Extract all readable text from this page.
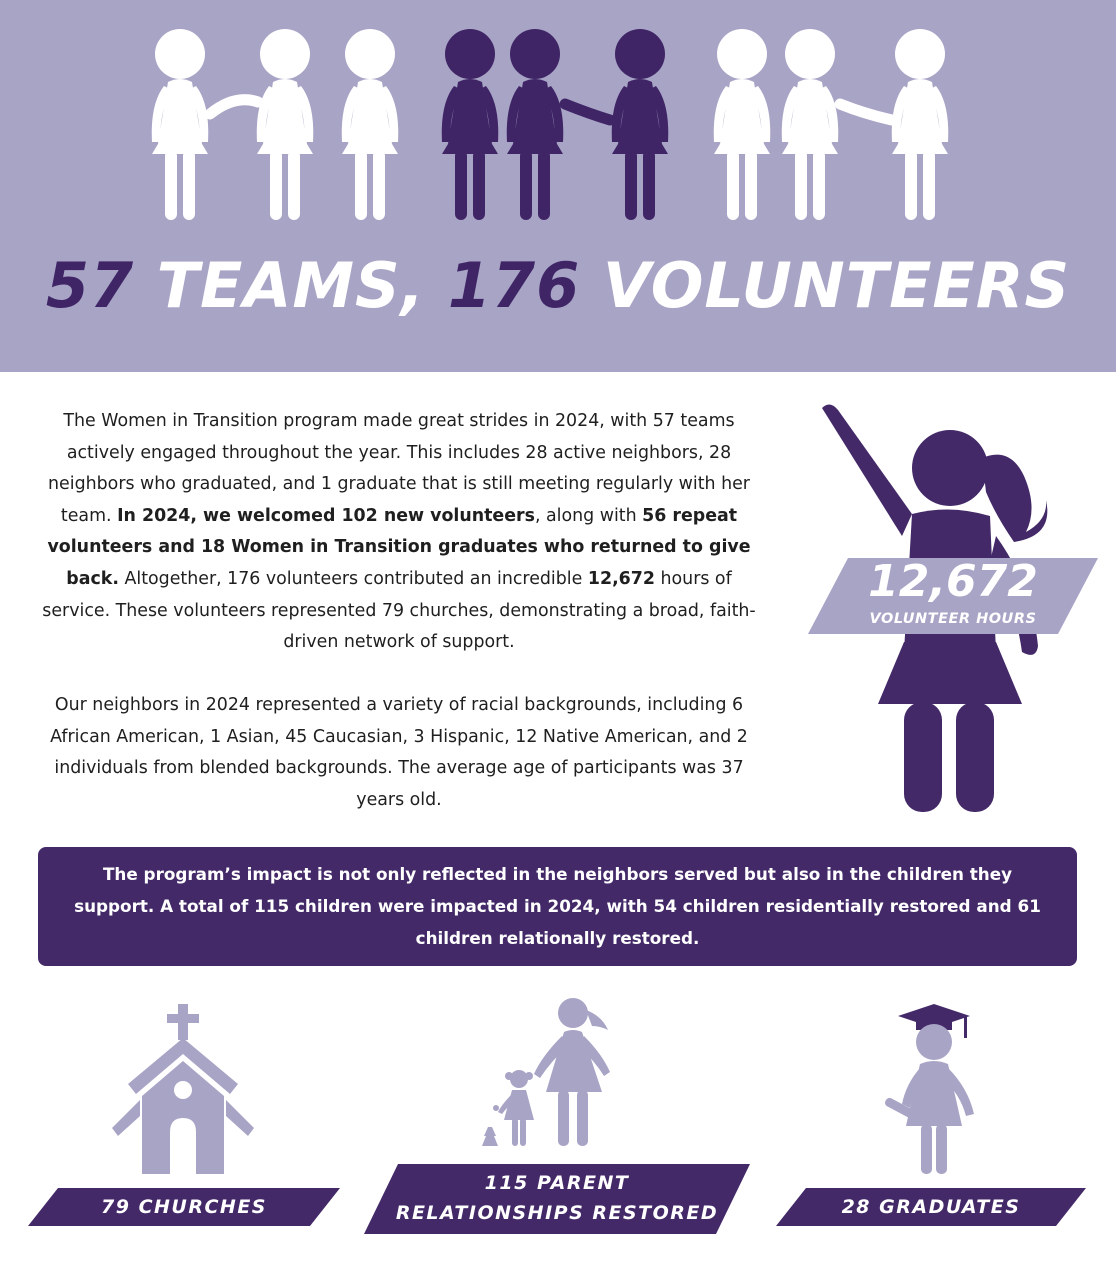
57 TEAMS, 176 VOLUNTEERS

The Women in Transition program made great strides in 2024, with 57 teams actively engaged throughout the year. This includes 28 active neighbors, 28 neighbors who graduated, and 1 graduate that is still meeting regularly with her team. In 2024, we welcomed 102 new volunteers, along with 56 repeat volunteers and 18 Women in Transition graduates who returned to give back. Altogether, 176 volunteers contributed an incredible 12,672 hours of service. These volunteers represented 79 churches, demonstrating a broad, faith-driven network of support.

Our neighbors in 2024 represented a variety of racial backgrounds, including 6 African American, 1 Asian, 45 Caucasian, 3 Hispanic, 12 Native American, and 2 individuals from blended backgrounds. The average age of participants was 37 years old.

12,672
VOLUNTEER HOURS
The program’s impact is not only reflected in the neighbors served but also in the children they support. A total of 115 children were impacted in 2024, with 54 children residentially restored and 61 children relationally restored.
79 CHURCHES
115 PARENT
RELATIONSHIPS RESTORED	28 GRADUATES
